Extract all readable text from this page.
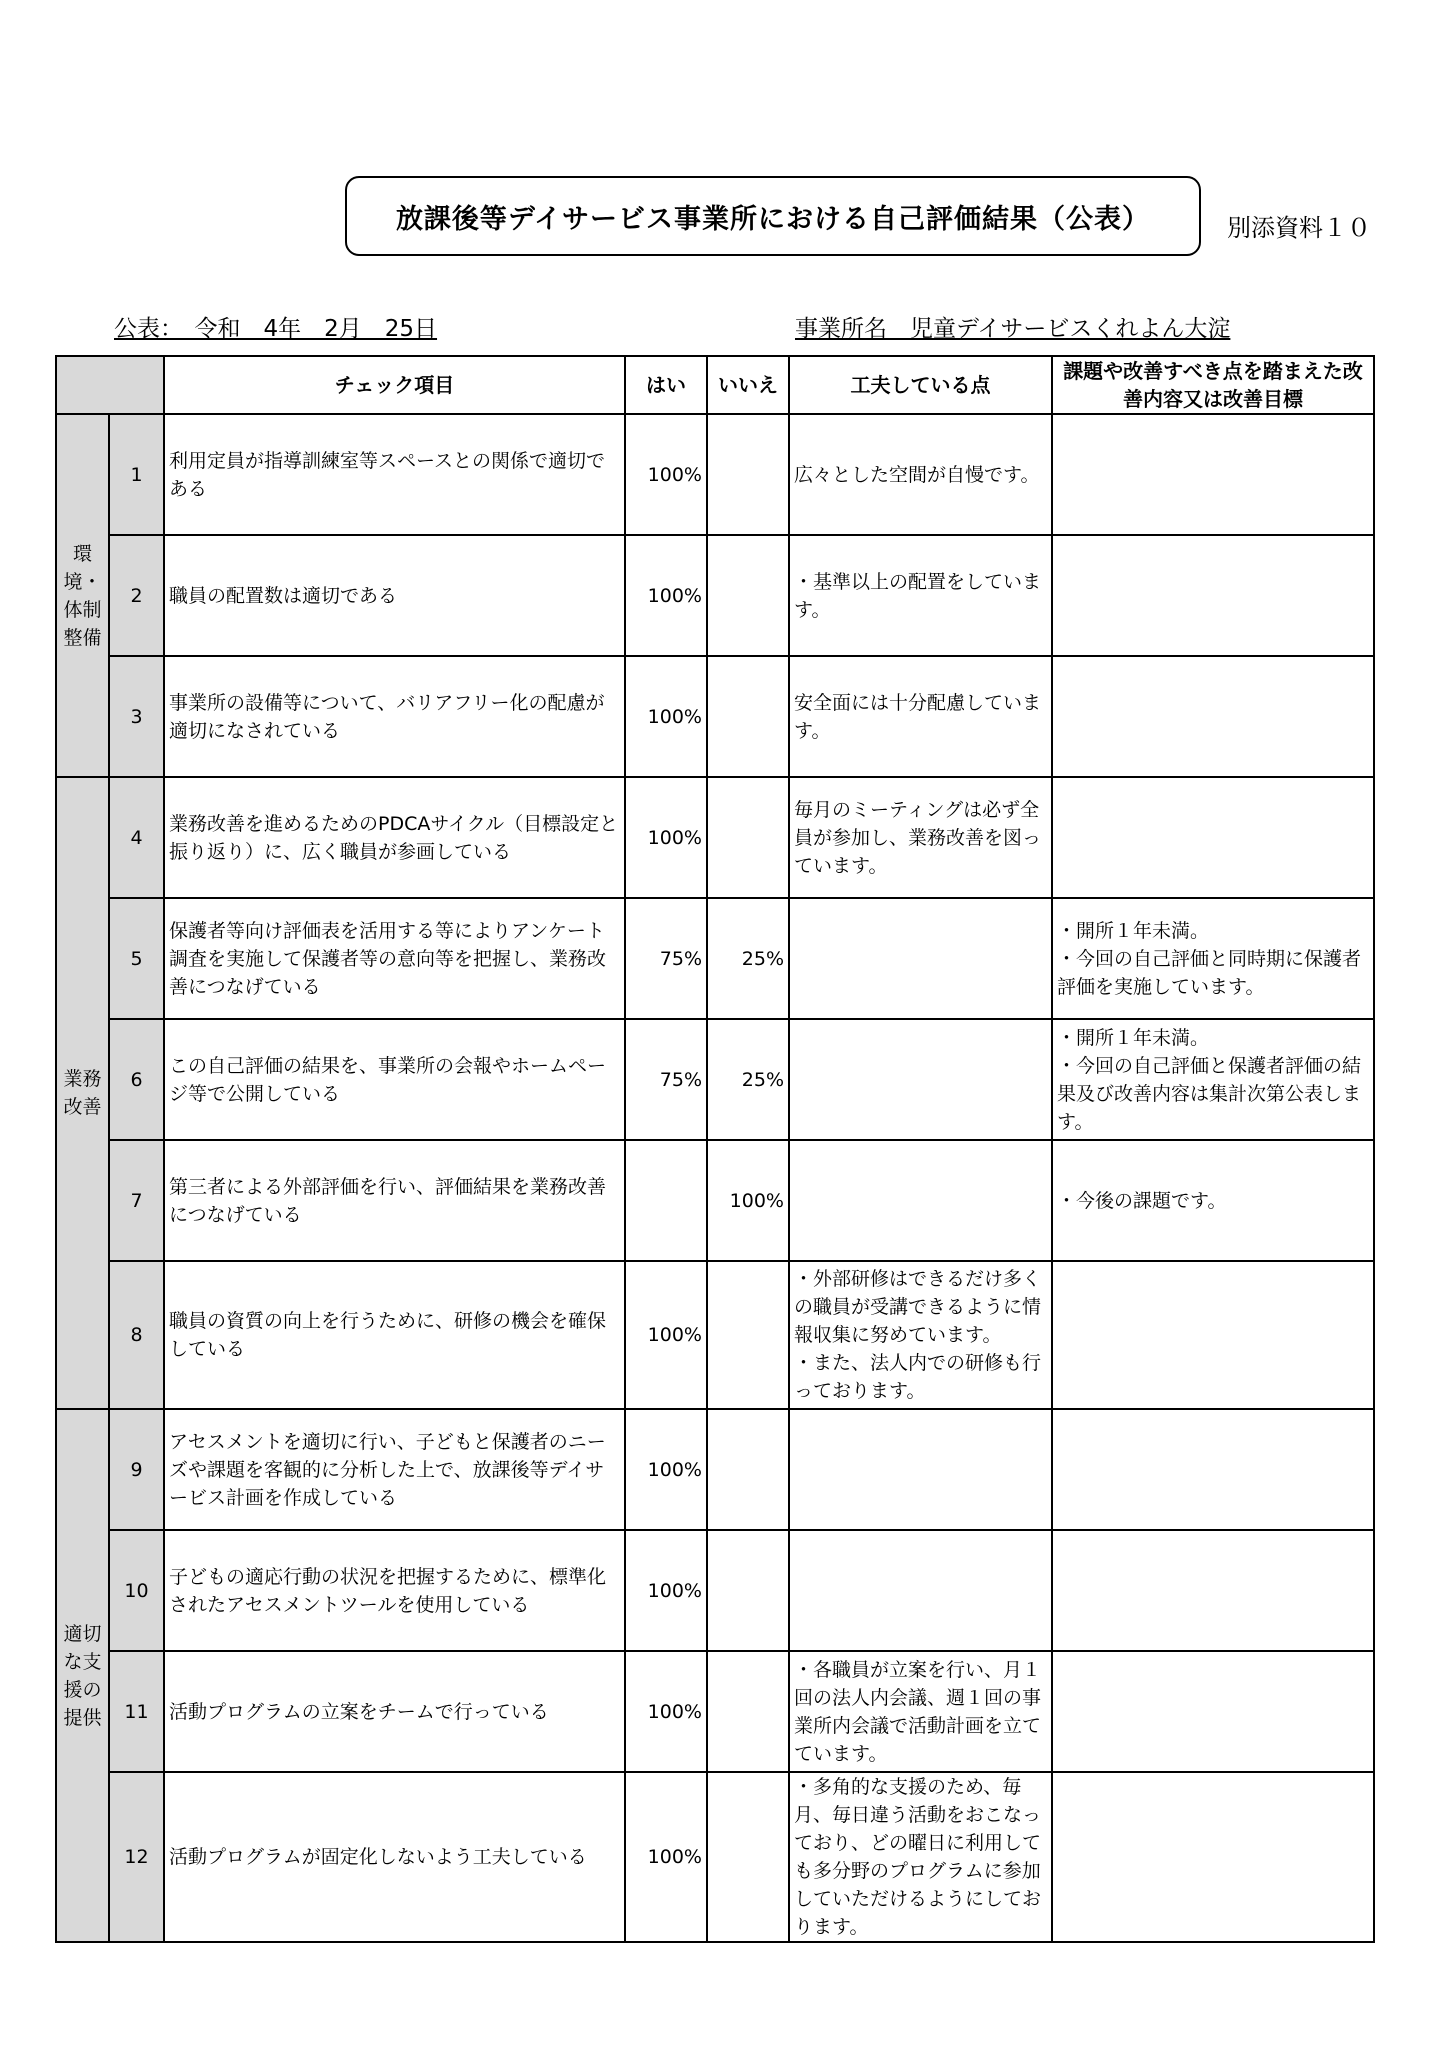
放課後等デイサービス事業所における自己評価結果（公表）	別添資料１０
公表：　令和　4年　2月　25日	事業所名　児童デイサービスくれよん大淀
		チェック項目	はい	いいえ	工夫している点	課題や改善すべき点を踏まえた改善内容又は改善目標
環境・体制整備	1	利用定員が指導訓練室等スペースとの関係で適切である	100%		広々とした空間が自慢です。	
	2	職員の配置数は適切である	100%		・基準以上の配置をしています。	
	3	事業所の設備等について、バリアフリー化の配慮が適切になされている	100%		安全面には十分配慮しています。	
業務改善	4	業務改善を進めるためのPDCAサイクル（目標設定と振り返り）に、広く職員が参画している	100%		毎月のミーティングは必ず全員が参加し、業務改善を図っています。	
	5	保護者等向け評価表を活用する等によりアンケート調査を実施して保護者等の意向等を把握し、業務改善につなげている	75%	25%		・開所１年未満。
・今回の自己評価と同時期に保護者評価を実施しています。
	6	この自己評価の結果を、事業所の会報やホームページ等で公開している	75%	25%		・開所１年未満。
・今回の自己評価と保護者評価の結果及び改善内容は集計次第公表します。
	7	第三者による外部評価を行い、評価結果を業務改善につなげている		100%		・今後の課題です。
	8	職員の資質の向上を行うために、研修の機会を確保している	100%		・外部研修はできるだけ多くの職員が受講できるように情報収集に努めています。
・また、法人内での研修も行っております。	
適切な支援の提供	9	アセスメントを適切に行い、子どもと保護者のニーズや課題を客観的に分析した上で、放課後等デイサービス計画を作成している	100%			
	10	子どもの適応行動の状況を把握するために、標準化されたアセスメントツールを使用している	100%			
	11	活動プログラムの立案をチームで行っている	100%		・各職員が立案を行い、月１回の法人内会議、週１回の事業所内会議で活動計画を立てています。	
	12	活動プログラムが固定化しないよう工夫している	100%		・多角的な支援のため、毎月、毎日違う活動をおこなっており、どの曜日に利用しても多分野のプログラムに参加していただけるようにしております。	
